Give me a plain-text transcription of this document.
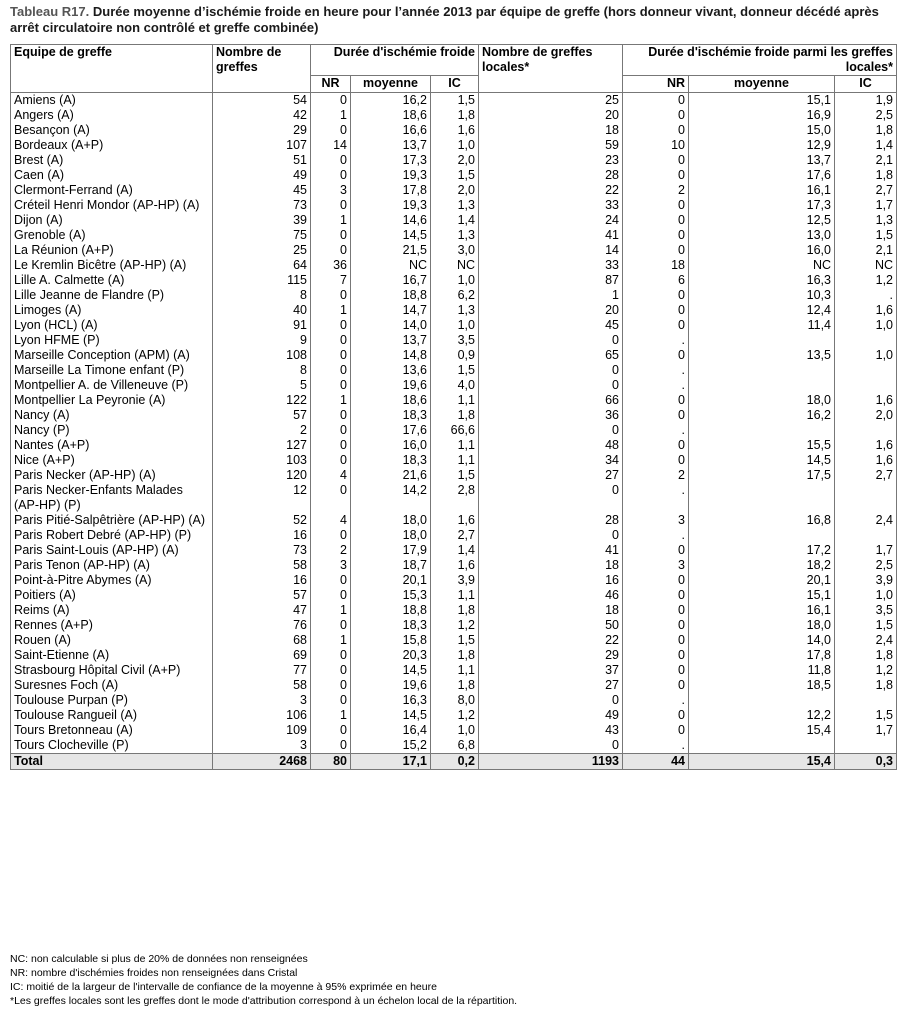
Tableau R17. Durée moyenne d’ischémie froide en heure pour l’année 2013 par équipe de greffe (hors donneur vivant, donneur décédé après arrêt circulatoire non contrôlé et greffe combinée)
Equipe de greffe	Nombre de greffes	Durée d'ischémie froide			Nombre de greffes locales*	Durée d'ischémie froide parmi les greffes locales*		
		NR	moyenne	IC		NR	moyenne	IC
Amiens (A)	54	0	16,2	1,5	25	0	15,1	1,9
Angers (A)	42	1	18,6	1,8	20	0	16,9	2,5
Besançon (A)	29	0	16,6	1,6	18	0	15,0	1,8
Bordeaux (A+P)	107	14	13,7	1,0	59	10	12,9	1,4
Brest (A)	51	0	17,3	2,0	23	0	13,7	2,1
Caen (A)	49	0	19,3	1,5	28	0	17,6	1,8
Clermont-Ferrand (A)	45	3	17,8	2,0	22	2	16,1	2,7
Créteil Henri Mondor (AP-HP) (A)	73	0	19,3	1,3	33	0	17,3	1,7
Dijon (A)	39	1	14,6	1,4	24	0	12,5	1,3
Grenoble (A)	75	0	14,5	1,3	41	0	13,0	1,5
La Réunion (A+P)	25	0	21,5	3,0	14	0	16,0	2,1
Le Kremlin Bicêtre (AP-HP) (A)	64	36	NC	NC	33	18	NC	NC
Lille A. Calmette (A)	115	7	16,7	1,0	87	6	16,3	1,2
Lille Jeanne de Flandre (P)	8	0	18,8	6,2	1	0	10,3	.
Limoges (A)	40	1	14,7	1,3	20	0	12,4	1,6
Lyon (HCL) (A)	91	0	14,0	1,0	45	0	11,4	1,0
Lyon HFME (P)	9	0	13,7	3,5	0	.		
Marseille Conception (APM) (A)	108	0	14,8	0,9	65	0	13,5	1,0
Marseille La Timone enfant (P)	8	0	13,6	1,5	0	.		
Montpellier A. de Villeneuve (P)	5	0	19,6	4,0	0	.		
Montpellier La Peyronie (A)	122	1	18,6	1,1	66	0	18,0	1,6
Nancy (A)	57	0	18,3	1,8	36	0	16,2	2,0
Nancy (P)	2	0	17,6	66,6	0	.		
Nantes (A+P)	127	0	16,0	1,1	48	0	15,5	1,6
Nice (A+P)	103	0	18,3	1,1	34	0	14,5	1,6
Paris Necker (AP-HP) (A)	120	4	21,6	1,5	27	2	17,5	2,7
Paris Necker-Enfants Malades (AP-HP) (P)	12	0	14,2	2,8	0	.		
Paris Pitié-Salpêtrière (AP-HP) (A)	52	4	18,0	1,6	28	3	16,8	2,4
Paris Robert Debré (AP-HP) (P)	16	0	18,0	2,7	0	.		
Paris Saint-Louis (AP-HP) (A)	73	2	17,9	1,4	41	0	17,2	1,7
Paris Tenon (AP-HP) (A)	58	3	18,7	1,6	18	3	18,2	2,5
Point-à-Pitre Abymes (A)	16	0	20,1	3,9	16	0	20,1	3,9
Poitiers (A)	57	0	15,3	1,1	46	0	15,1	1,0
Reims (A)	47	1	18,8	1,8	18	0	16,1	3,5
Rennes (A+P)	76	0	18,3	1,2	50	0	18,0	1,5
Rouen (A)	68	1	15,8	1,5	22	0	14,0	2,4
Saint-Etienne (A)	69	0	20,3	1,8	29	0	17,8	1,8
Strasbourg Hôpital Civil (A+P)	77	0	14,5	1,1	37	0	11,8	1,2
Suresnes Foch (A)	58	0	19,6	1,8	27	0	18,5	1,8
Toulouse Purpan (P)	3	0	16,3	8,0	0	.		
Toulouse Rangueil (A)	106	1	14,5	1,2	49	0	12,2	1,5
Tours Bretonneau (A)	109	0	16,4	1,0	43	0	15,4	1,7
Tours Clocheville (P)	3	0	15,2	6,8	0	.		
Total	2468	80	17,1	0,2	1193	44	15,4	0,3
NC: non calculable si plus de 20% de données non renseignées
NR: nombre d'ischémies froides non renseignées dans Cristal
IC: moitié de la largeur de l'intervalle de confiance de la moyenne à 95% exprimée en heure
*Les greffes locales sont les greffes dont le mode d'attribution correspond à un échelon local de la répartition.
